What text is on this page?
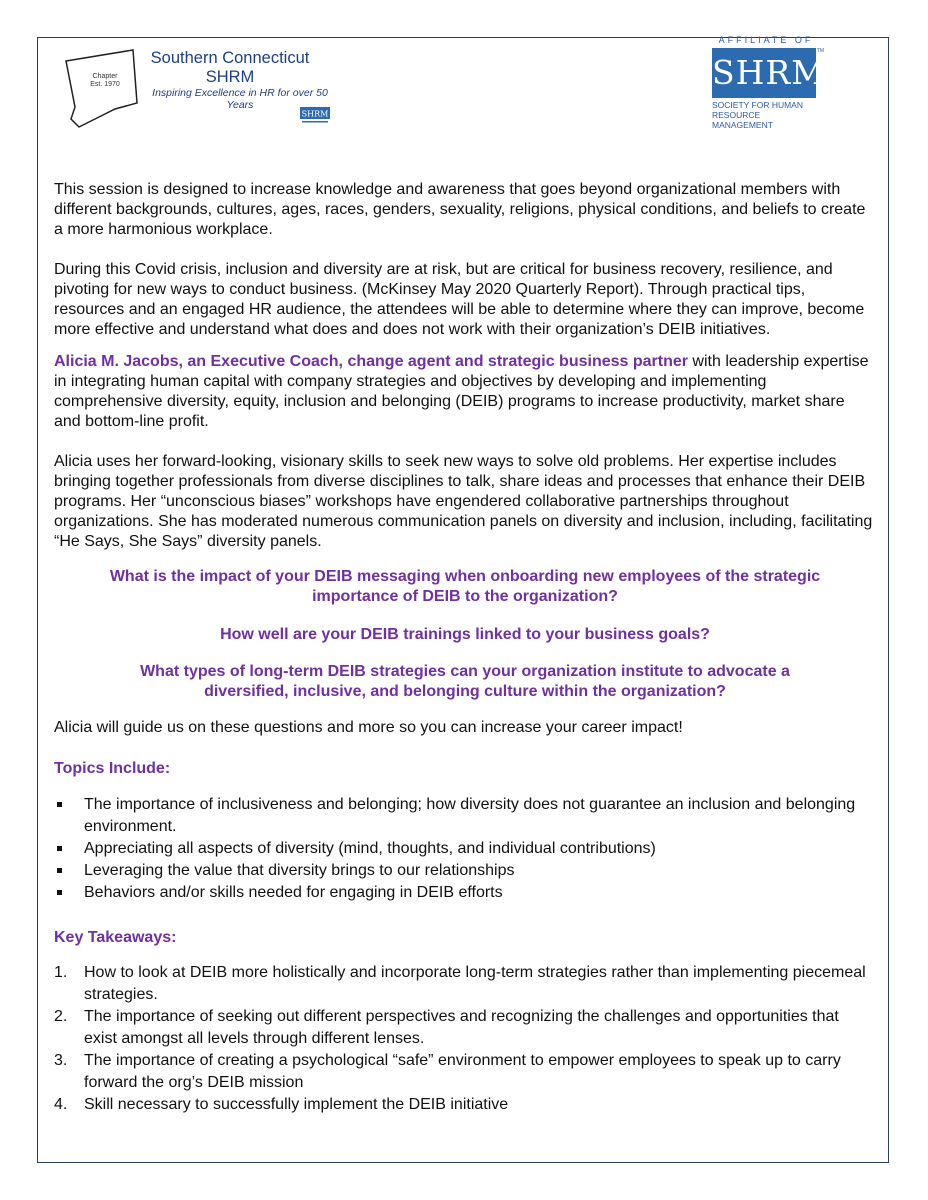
Chapter
Est. 1970
Southern Connecticut
SHRM
Inspiring Excellence in HR for over 50 Years
SHRM
AFFILIATE OF
SHRM
TM
SOCIETY FOR HUMAN
RESOURCE MANAGEMENT

This session is designed to increase knowledge and awareness that goes beyond organizational members with different backgrounds, cultures, ages, races, genders, sexuality, religions, physical conditions, and beliefs to create a more harmonious workplace.

During this Covid crisis, inclusion and diversity are at risk, but are critical for business recovery, resilience, and pivoting for new ways to conduct business. (McKinsey May 2020 Quarterly Report). Through practical tips, resources and an engaged HR audience, the attendees will be able to determine where they can improve, become more effective and understand what does and does not work with their organization’s DEIB initiatives.

Alicia M. Jacobs, an Executive Coach, change agent and strategic business partner with leadership expertise in integrating human capital with company strategies and objectives by developing and implementing comprehensive diversity, equity, inclusion and belonging (DEIB) programs to increase productivity, market share and bottom-line profit.

Alicia uses her forward-looking, visionary skills to seek new ways to solve old problems. Her expertise includes bringing together professionals from diverse disciplines to talk, share ideas and processes that enhance their DEIB programs. Her “unconscious biases” workshops have engendered collaborative partnerships throughout organizations. She has moderated numerous communication panels on diversity and inclusion, including, facilitating “He Says, She Says” diversity panels.

What is the impact of your DEIB messaging when onboarding new employees of the strategic importance of DEIB to the organization?

How well are your DEIB trainings linked to your business goals?

What types of long-term DEIB strategies can your organization institute to advocate a diversified, inclusive, and belonging culture within the organization?

Alicia will guide us on these questions and more so you can increase your career impact!

Topics Include:

The importance of inclusiveness and belonging; how diversity does not guarantee an inclusion and belonging environment.
Appreciating all aspects of diversity (mind, thoughts, and individual contributions)
Leveraging the value that diversity brings to our relationships
Behaviors and/or skills needed for engaging in DEIB efforts

Key Takeaways:

1. How to look at DEIB more holistically and incorporate long-term strategies rather than implementing piecemeal strategies.
2. The importance of seeking out different perspectives and recognizing the challenges and opportunities that exist amongst all levels through different lenses.
3. The importance of creating a psychological “safe” environment to empower employees to speak up to carry forward the org’s DEIB mission
4. Skill necessary to successfully implement the DEIB initiative
